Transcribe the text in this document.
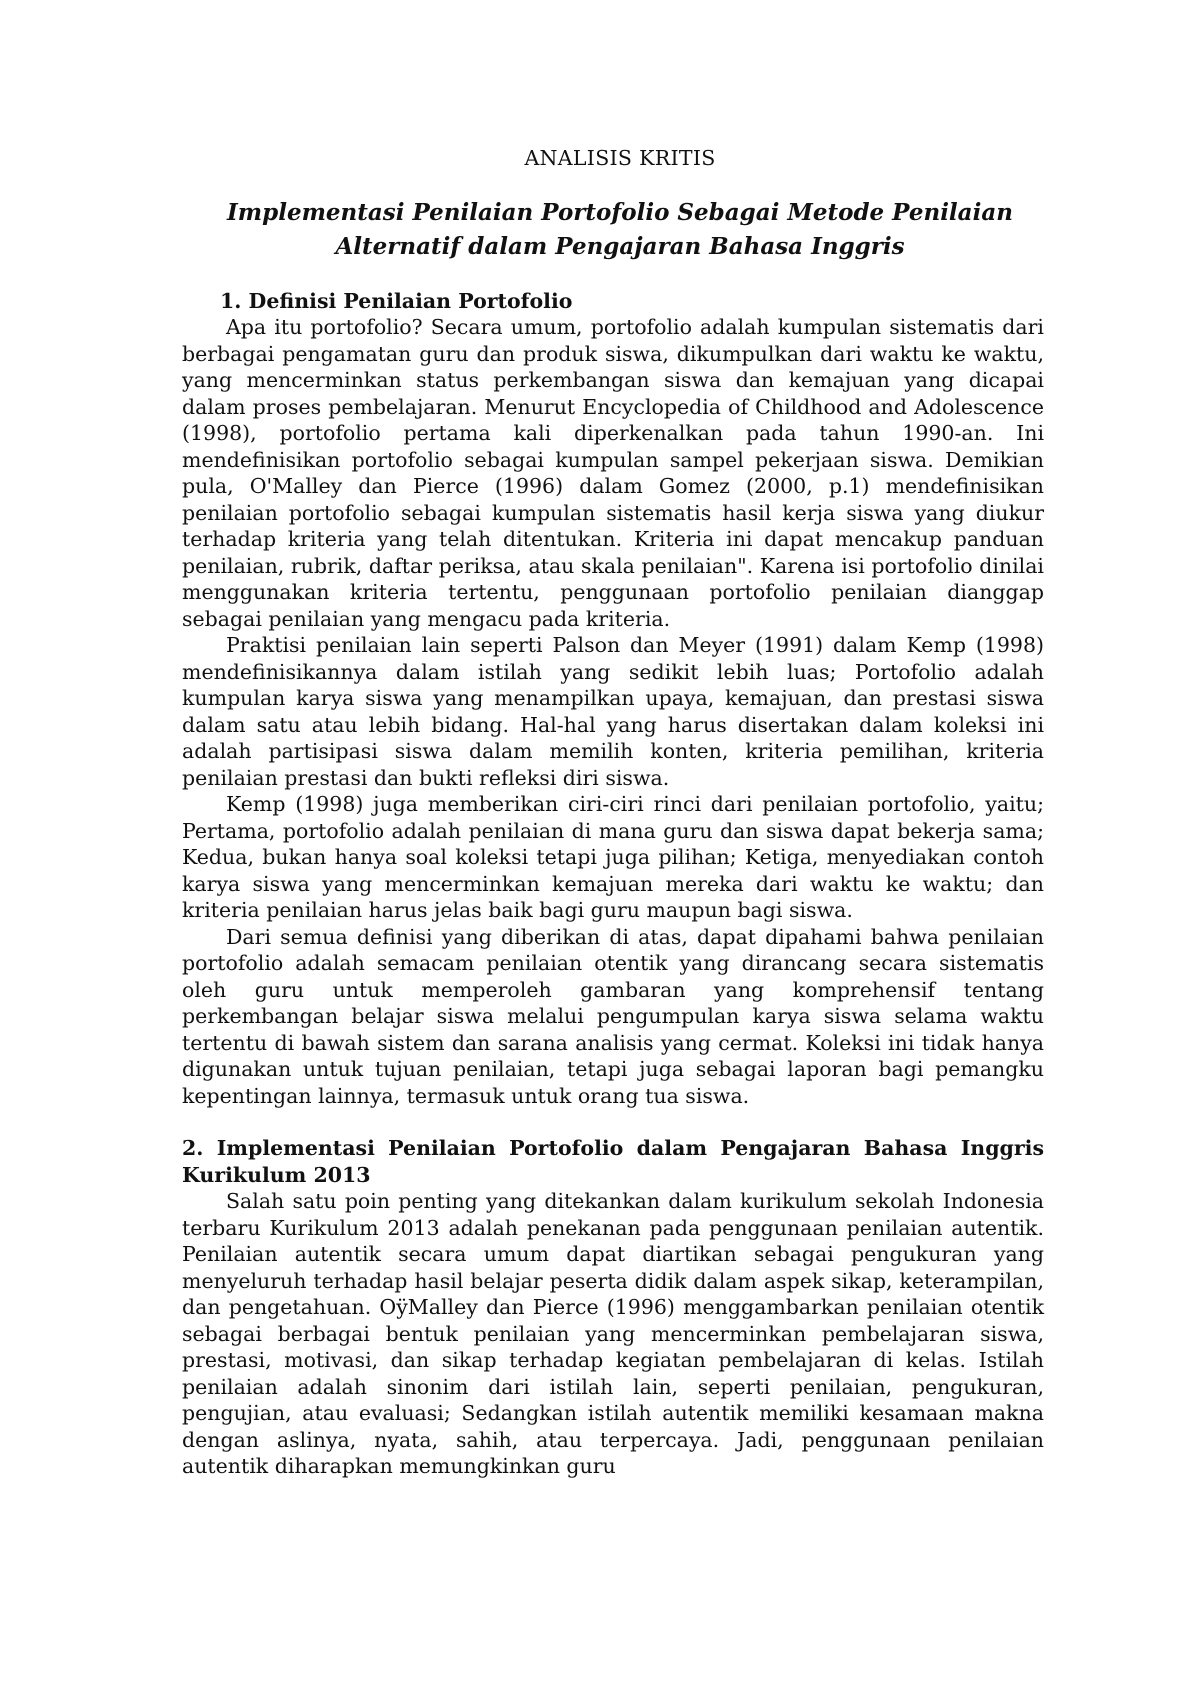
ANALISIS KRITIS

Implementasi Penilaian Portofolio Sebagai Metode Penilaian
Alternatif dalam Pengajaran Bahasa Inggris
1. Definisi Penilaian Portofolio

Apa itu portofolio? Secara umum, portofolio adalah kumpulan sistematis dari berbagai pengamatan guru dan produk siswa, dikumpulkan dari waktu ke waktu, yang mencerminkan status perkembangan siswa dan kemajuan yang dicapai dalam proses pembelajaran. Menurut Encyclopedia of Childhood and Adolescence (1998), portofolio pertama kali diperkenalkan pada tahun 1990-an. Ini mendefinisikan portofolio sebagai kumpulan sampel pekerjaan siswa. Demikian pula, O'Malley dan Pierce (1996) dalam Gomez (2000, p.1) mendefinisikan penilaian portofolio sebagai kumpulan sistematis hasil kerja siswa yang diukur terhadap kriteria yang telah ditentukan. Kriteria ini dapat mencakup panduan penilaian, rubrik, daftar periksa, atau skala penilaian". Karena isi portofolio dinilai menggunakan kriteria tertentu, penggunaan portofolio penilaian dianggap sebagai penilaian yang mengacu pada kriteria.

Praktisi penilaian lain seperti Palson dan Meyer (1991) dalam Kemp (1998) mendefinisikannya dalam istilah yang sedikit lebih luas; Portofolio adalah kumpulan karya siswa yang menampilkan upaya, kemajuan, dan prestasi siswa dalam satu atau lebih bidang. Hal-hal yang harus disertakan dalam koleksi ini adalah partisipasi siswa dalam memilih konten, kriteria pemilihan, kriteria penilaian prestasi dan bukti refleksi diri siswa.

Kemp (1998) juga memberikan ciri-ciri rinci dari penilaian portofolio, yaitu; Pertama, portofolio adalah penilaian di mana guru dan siswa dapat bekerja sama; Kedua, bukan hanya soal koleksi tetapi juga pilihan; Ketiga, menyediakan contoh karya siswa yang mencerminkan kemajuan mereka dari waktu ke waktu; dan kriteria penilaian harus jelas baik bagi guru maupun bagi siswa.

Dari semua definisi yang diberikan di atas, dapat dipahami bahwa penilaian portofolio adalah semacam penilaian otentik yang dirancang secara sistematis oleh guru untuk memperoleh gambaran yang komprehensif tentang perkembangan belajar siswa melalui pengumpulan karya siswa selama waktu tertentu di bawah sistem dan sarana analisis yang cermat. Koleksi ini tidak hanya digunakan untuk tujuan penilaian, tetapi juga sebagai laporan bagi pemangku kepentingan lainnya, termasuk untuk orang tua siswa.

2. Implementasi Penilaian Portofolio dalam Pengajaran Bahasa Inggris Kurikulum 2013

Salah satu poin penting yang ditekankan dalam kurikulum sekolah Indonesia terbaru Kurikulum 2013 adalah penekanan pada penggunaan penilaian autentik. Penilaian autentik secara umum dapat diartikan sebagai pengukuran yang menyeluruh terhadap hasil belajar peserta didik dalam aspek sikap, keterampilan, dan pengetahuan. OÿMalley dan Pierce (1996) menggambarkan penilaian otentik sebagai berbagai bentuk penilaian yang mencerminkan pembelajaran siswa, prestasi, motivasi, dan sikap terhadap kegiatan pembelajaran di kelas. Istilah penilaian adalah sinonim dari istilah lain, seperti penilaian, pengukuran, pengujian, atau evaluasi; Sedangkan istilah autentik memiliki kesamaan makna dengan aslinya, nyata, sahih, atau terpercaya. Jadi, penggunaan penilaian autentik diharapkan memungkinkan guru
